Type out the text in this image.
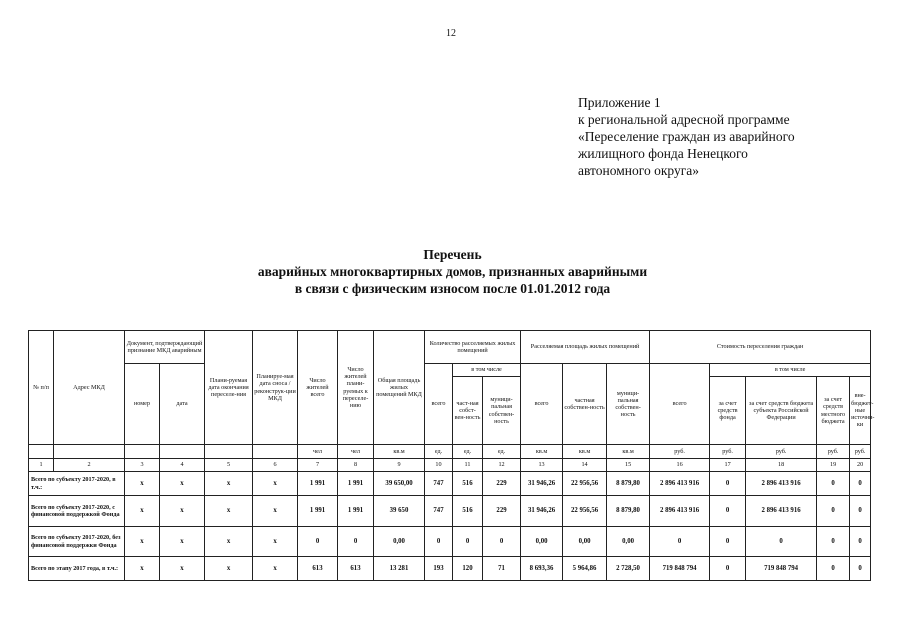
12
Приложение 1
к региональной адресной программе
«Переселение граждан из аварийного
жилищного фонда Ненецкого
автономного округа»
Перечень
аварийных многоквартирных домов, признанных аварийными
в связи с физическим износом после 01.01.2012 года
№ п/п	Адрес МКД	Документ, подтверждающий признание МКД аварийным		Плани-руемая дата окончания переселе-ния	Планируе-мая дата сноса / реконструк-ции МКД	Число жителей всего	Число жителей плани-руемых к переселе-нию	Общая площадь жилых помещений МКД	Количество расселяемых жилых помещений			Расселяемая площадь жилых помещений			Стоимость переселения граждан				
		номер	дата						всего	в том числе		всего	частная собствен-ность	муници-пальная собствен-ность	всего	в том числе			
										част-ная собст-вен-ность	муници-пальная собствен-ность					за счет средств фонда	за счет средств бюджета субъекта Российской Федерации	за счет средств местного бюджета	вне-бюджет-ные источни-ки
						чел	чел	кв.м	ед.	ед.	ед.	кв.м	кв.м	кв.м	руб.	руб.	руб.	руб.	руб.
1	2	3	4	5	6	7	8	9	10	11	12	13	14	15	16	17	18	19	20
Всего по субъекту 2017-2020, в т.ч.:		х	х	х	х	1 991	1 991	39 650,00	747	516	229	31 946,26	22 956,56	8 879,80	2 896 413 916	0	2 896 413 916	0	0
Всего по субъекту 2017-2020, с финансовой поддержкой Фонда		х	х	х	х	1 991	1 991	39 650	747	516	229	31 946,26	22 956,56	8 879,80	2 896 413 916	0	2 896 413 916	0	0
Всего по субъекту 2017-2020, без финансовой поддержки Фонда		х	х	х	х	0	0	0,00	0	0	0	0,00	0,00	0,00	0	0	0	0	0
Всего по этапу 2017 года, в т.ч.:		х	х	х	х	613	613	13 281	193	120	71	8 693,36	5 964,86	2 728,50	719 848 794	0	719 848 794	0	0
